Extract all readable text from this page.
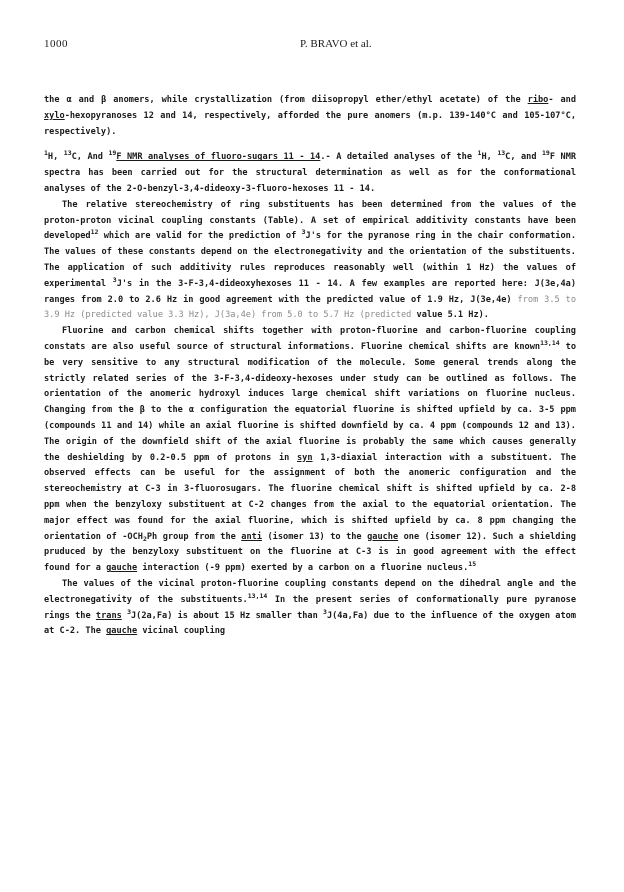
1000	P. BRAVO et al.

the α and β anomers, while crystallization (from diisopropyl ether/ethyl acetate) of the ribo- and xylo-hexopyranoses 12 and 14, respectively, afforded the pure anomers (m.p. 139-140°C and 105-107°C, respectively).

$^1$H, $^{13}$C, And $^{19}$F NMR analyses of fluoro-sugars 11 - 14.- A detailed analyses of the $^1$H, $^{13}$C, and $^{19}$F NMR spectra has been carried out for the structural determination as well as for the conformational analyses of the 2-O-benzyl-3,4-dideoxy-3-fluoro-hexoses 11 - 14.

The relative stereochemistry of ring substituents has been determined from the values of the proton-proton vicinal coupling constants (Table). A set of empirical additivity constants have been developed$^{12}$ which are valid for the prediction of $^3$J's for the pyranose ring in the chair conformation. The values of these constants depend on the electronegativity and the orientation of the substituents. The application of such additivity rules reproduces reasonably well (within 1 Hz) the values of experimental $^3$J's in the 3-F-3,4-dideoxyhexoses 11 - 14. A few examples are reported here: J(3e,4a) ranges from 2.0 to 2.6 Hz in good agreement with the predicted value of 1.9 Hz, J(3e,4e) from 3.5 to 3.9 Hz (predicted value 3.3 Hz), J(3a,4e) from 5.0 to 5.7 Hz (predicted value 5.1 Hz).

Fluorine and carbon chemical shifts together with proton-fluorine and carbon-fluorine coupling constats are also useful source of structural informations. Fluorine chemical shifts are known$^{13,14}$ to be very sensitive to any structural modification of the molecule. Some general trends along the strictly related series of the 3-F-3,4-dideoxy-hexoses under study can be outlined as follows. The orientation of the anomeric hydroxyl induces large chemical shift variations on fluorine nucleus. Changing from the β to the α configuration the equatorial fluorine is shifted upfield by ca. 3-5 ppm (compounds 11 and 14) while an axial fluorine is shifted downfield by ca. 4 ppm (compounds 12 and 13). The origin of the downfield shift of the axial fluorine is probably the same which causes generally the deshielding by 0.2-0.5 ppm of protons in syn 1,3-diaxial interaction with a substituent. The observed effects can be useful for the assignment of both the anomeric configuration and the stereochemistry at C-3 in 3-fluorosugars. The fluorine chemical shift is shifted upfield by ca. 2-8 ppm when the benzyloxy substituent at C-2 changes from the axial to the equatorial orientation. The major effect was found for the axial fluorine, which is shifted upfield by ca. 8 ppm changing the orientation of $-OCH_2Ph$ group from the anti (isomer 13) to the gauche one (isomer 12). Such a shielding pruduced by the benzyloxy substituent on the fluorine at C-3 is in good agreement with the effect found for a gauche interaction (-9 ppm) exerted by a carbon on a fluorine nucleus.$^{15}$

The values of the vicinal proton-fluorine coupling constants depend on the dihedral angle and the electronegativity of the substituents.$^{13,14}$ In the present series of conformationally pure pyranose rings the trans $^3$J(2a,Fa) is about 15 Hz smaller than $^3$J(4a,Fa) due to the influence of the oxygen atom at C-2. The gauche vicinal coupling
